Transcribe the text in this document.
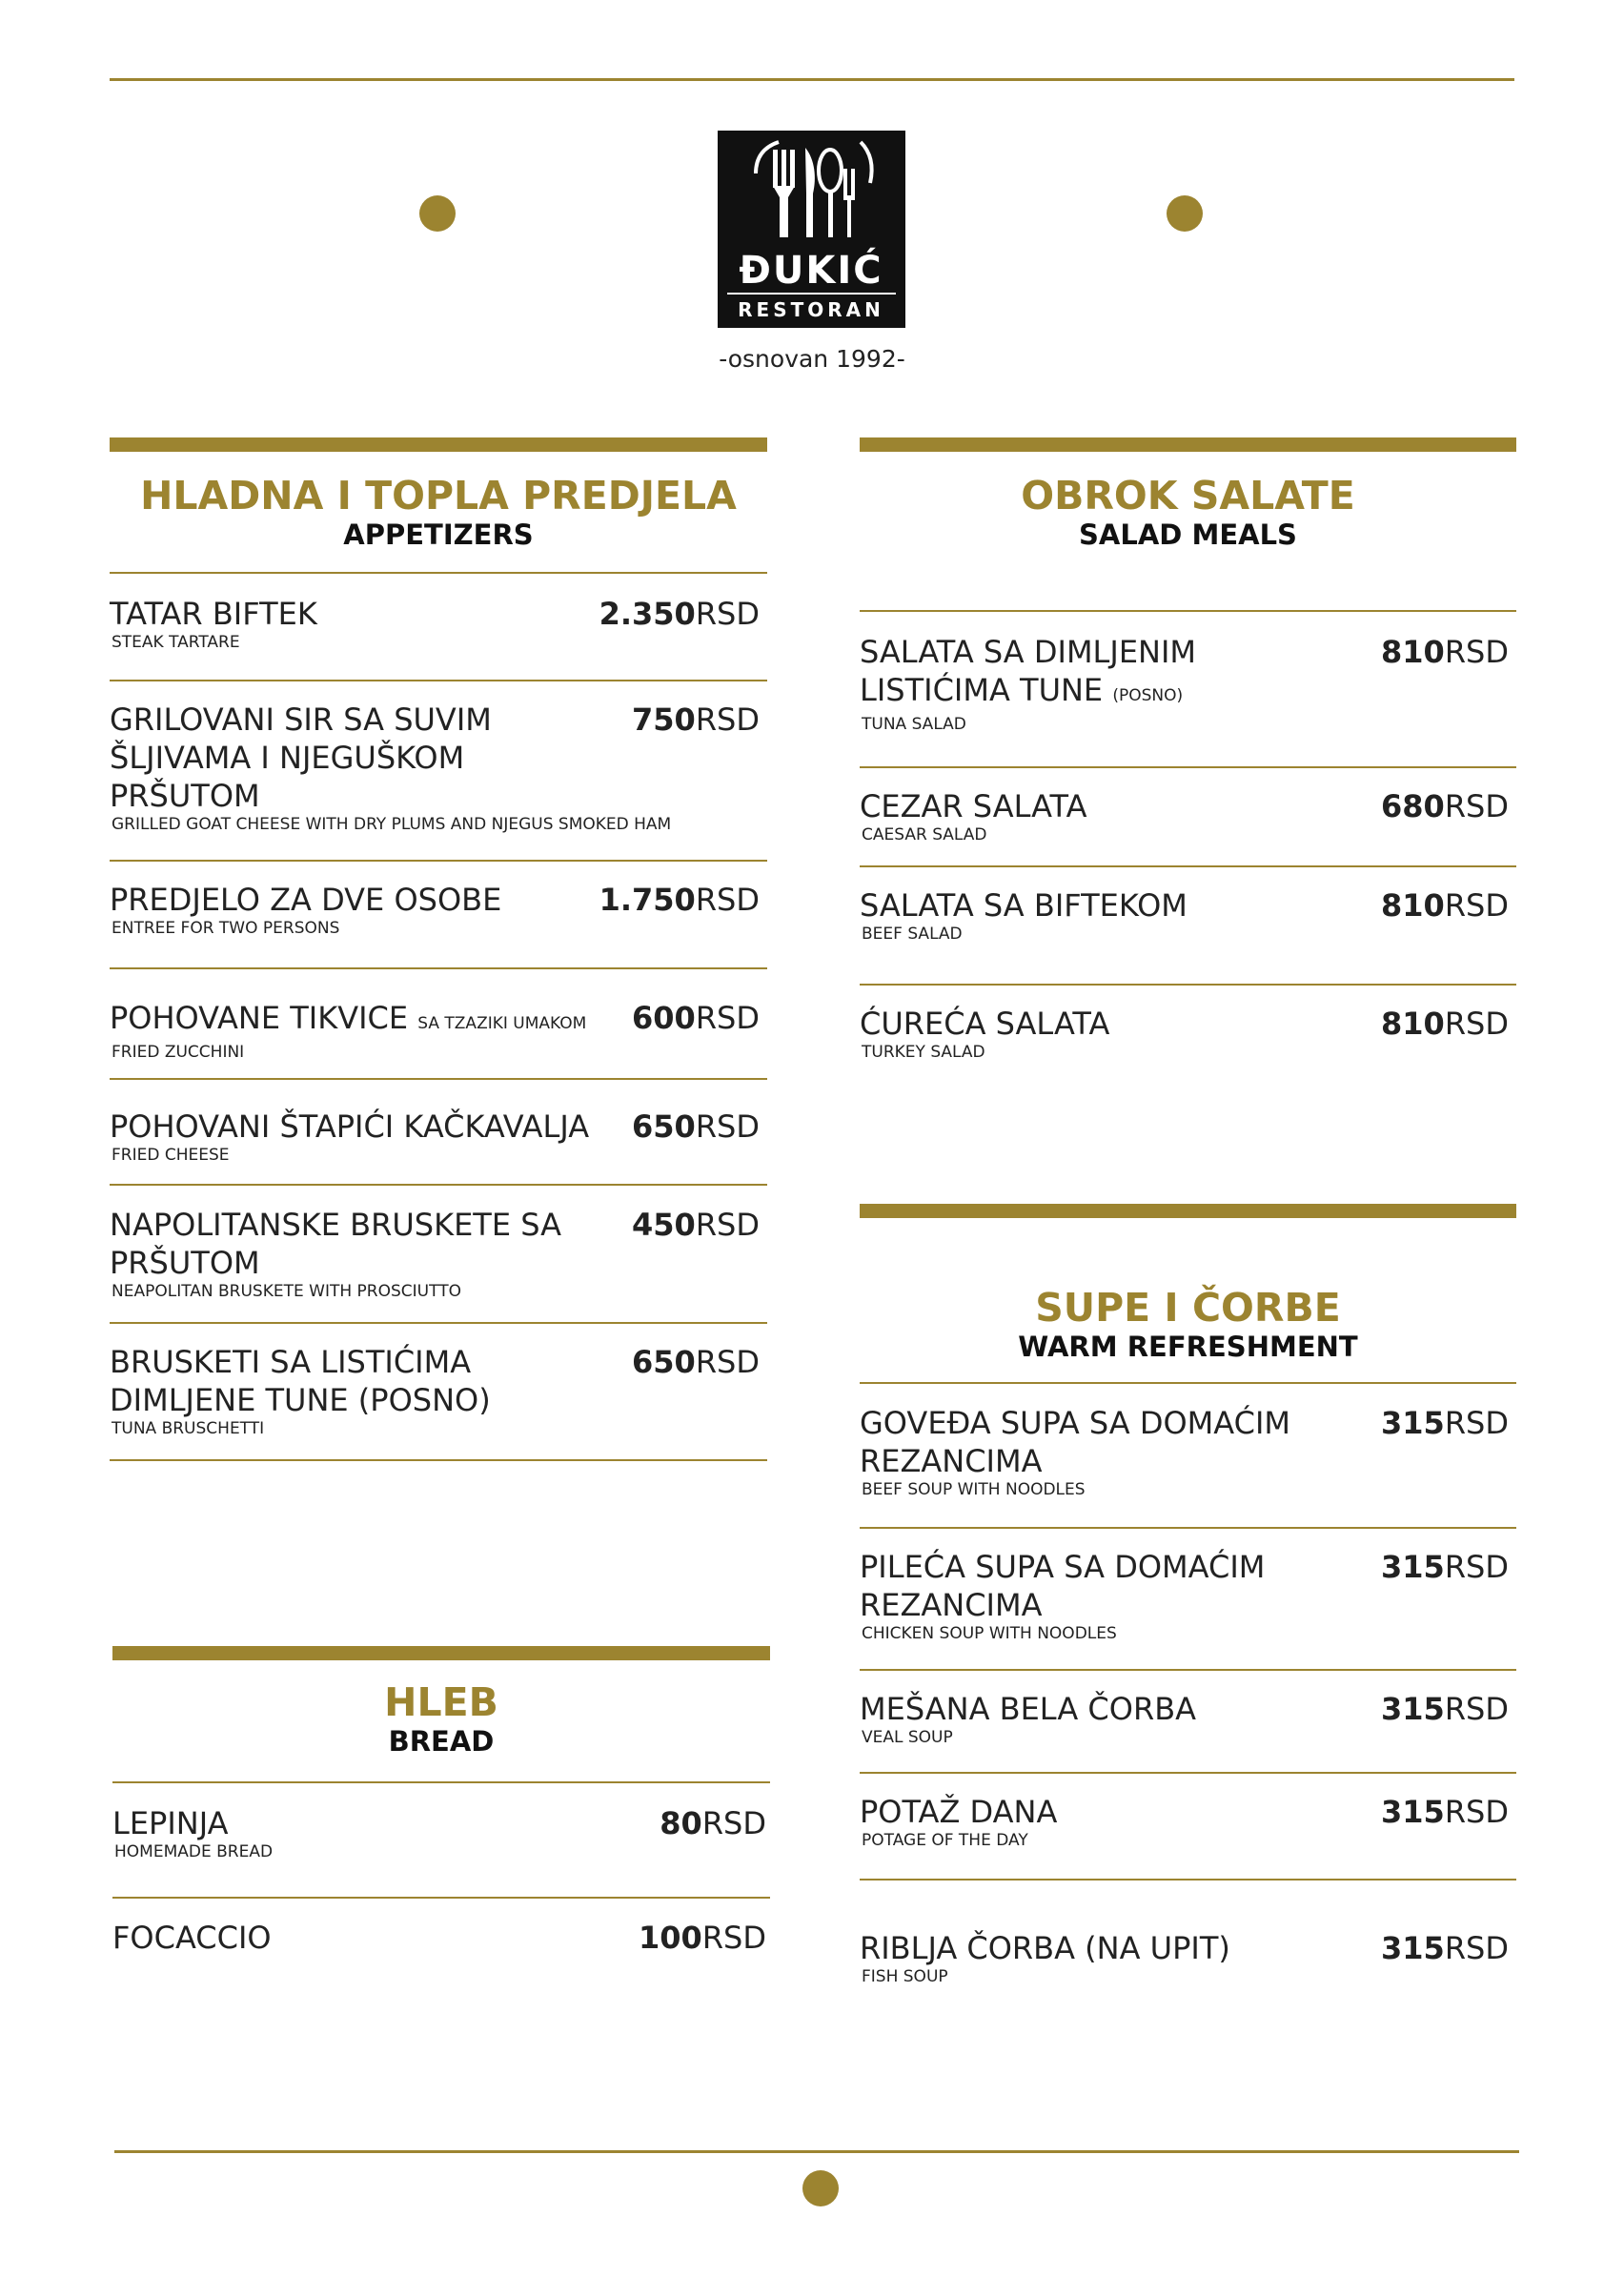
ĐUKIĆ
RESTORAN
-osnovan 1992-
HLADNA I TOPLA PREDJELA
APPETIZERS
TATAR BIFTEK
STEAK TARTARE
2.350RSD
GRILOVANI SIR SA SUVIM ŠLJIVAMA I NJEGUŠKOM PRŠUTOM
GRILLED GOAT CHEESE WITH DRY PLUMS AND NJEGUS SMOKED HAM
750RSD
PREDJELO ZA DVE OSOBE
ENTREE FOR TWO PERSONS
1.750RSD
POHOVANE TIKVICE SA TZAZIKI UMAKOM
FRIED ZUCCHINI
600RSD
POHOVANI ŠTAPIĆI KAČKAVALJA
FRIED CHEESE
650RSD
NAPOLITANSKE BRUSKETE SA PRŠUTOM
NEAPOLITAN BRUSKETE WITH PROSCIUTTO
450RSD
BRUSKETI SA LISTIĆIMA DIMLJENE TUNE (POSNO)
TUNA BRUSCHETTI
650RSD
HLEB
BREAD
LEPINJA
HOMEMADE BREAD
80RSD
FOCACCIO	100RSD
OBROK SALATE
SALAD MEALS
SALATA SA DIMLJENIM LISTIĆIMA TUNE (POSNO)
TUNA SALAD
810RSD
CEZAR SALATA
CAESAR SALAD
680RSD
SALATA SA BIFTEKOM
BEEF SALAD
810RSD
ĆUREĆA SALATA
TURKEY SALAD
810RSD
SUPE I ČORBE
WARM REFRESHMENT
GOVEĐA SUPA SA DOMAĆIM REZANCIMA
BEEF SOUP WITH NOODLES
315RSD
PILEĆA SUPA SA DOMAĆIM REZANCIMA
CHICKEN SOUP WITH NOODLES
315RSD
MEŠANA BELA ČORBA
VEAL SOUP
315RSD
POTAŽ DANA
POTAGE OF THE DAY
315RSD
RIBLJA ČORBA (NA UPIT)
FISH SOUP
315RSD
